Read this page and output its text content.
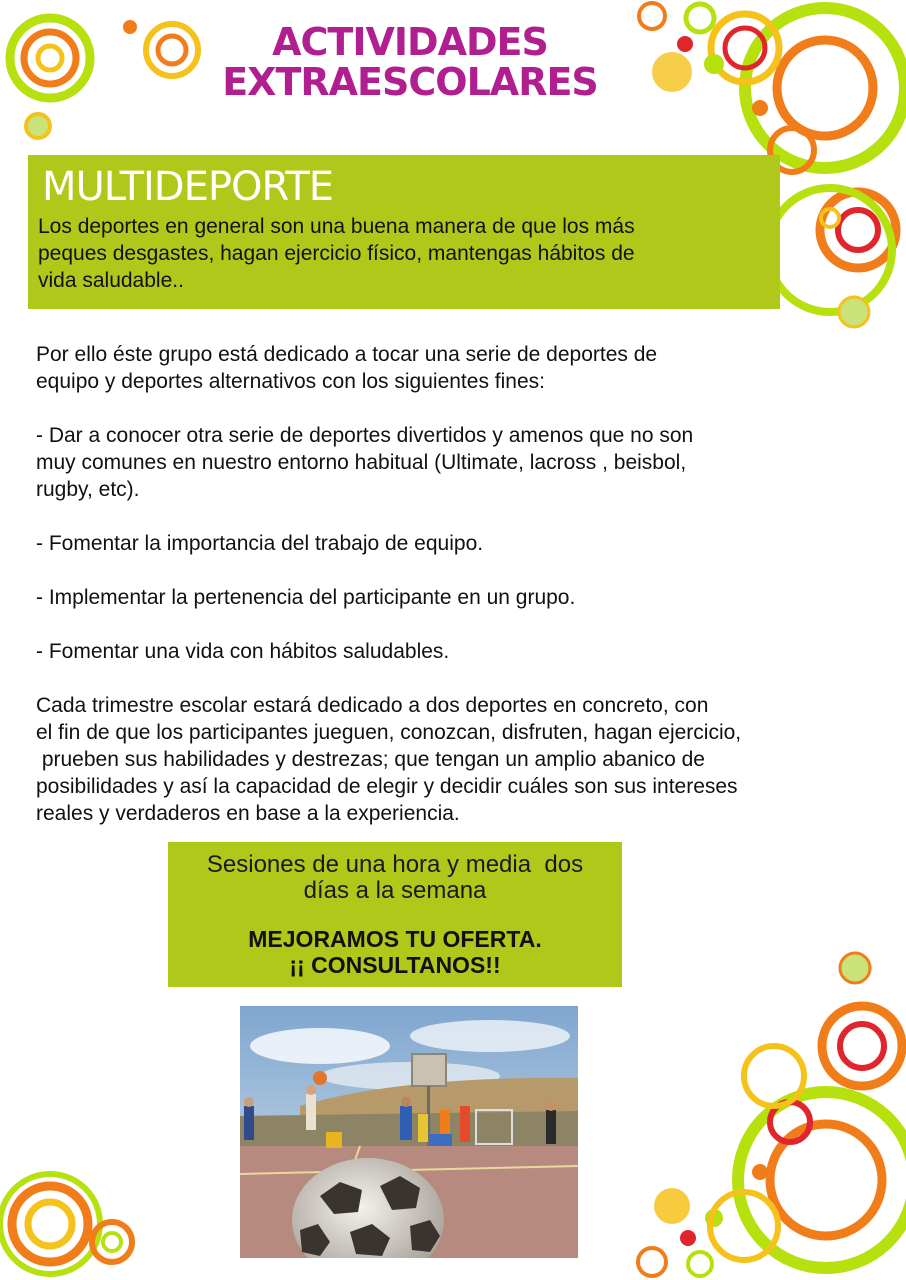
ACTIVIDADES
EXTRAESCOLARES
MULTIDEPORTE
Los deportes en general son una buena manera de que los más
peques desgastes, hagan ejercicio físico, mantengas hábitos de
vida saludable..

Por ello éste grupo está dedicado a tocar una serie de deportes de

equipo y deportes alternativos con los siguientes fines:

- Dar a conocer otra serie de deportes divertidos y amenos que no son

muy comunes en nuestro entorno habitual (Ultimate, lacross , beisbol,

rugby, etc).

- Fomentar la importancia del trabajo de equipo.

- Implementar la pertenencia del participante en un grupo.

- Fomentar una vida con hábitos saludables.

Cada trimestre escolar estará dedicado a dos deportes en concreto, con

el fin de que los participantes jueguen, conozcan, disfruten, hagan ejercicio,

prueben sus habilidades y destrezas; que tengan un amplio abanico de

posibilidades y así la capacidad de elegir y decidir cuáles son sus intereses

reales y verdaderos en base a la experiencia.

Sesiones de una hora y media  dos
días a la semana
MEJORAMOS TU OFERTA.
¡¡ CONSULTANOS!!
